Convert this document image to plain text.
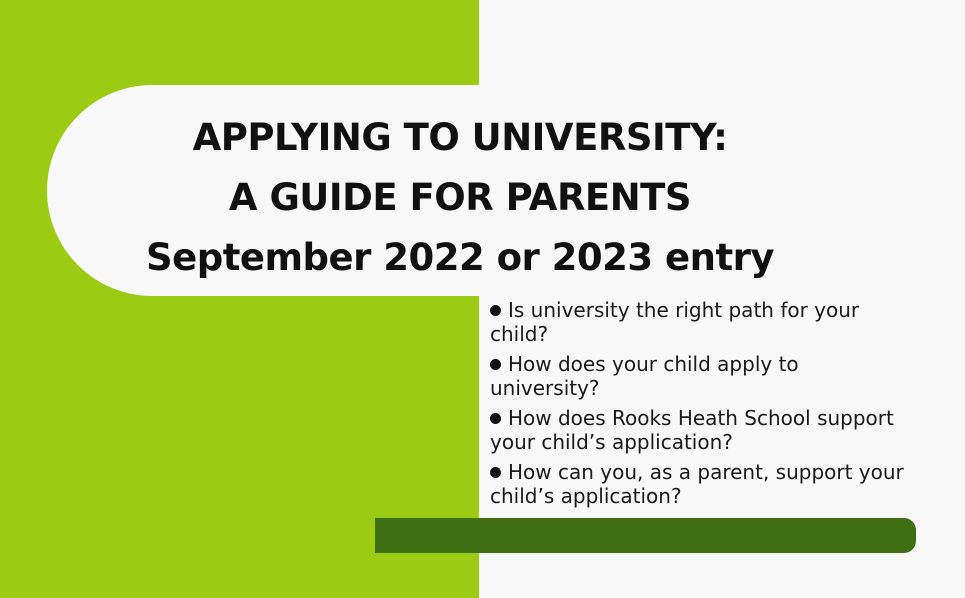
APPLYING TO UNIVERSITY:
A GUIDE FOR PARENTS
September 2022 or 2023 entry
Is university the right path for your child?
How does your child apply to university?
How does Rooks Heath School support your child’s application?
How can you, as a parent, support your child’s application?
